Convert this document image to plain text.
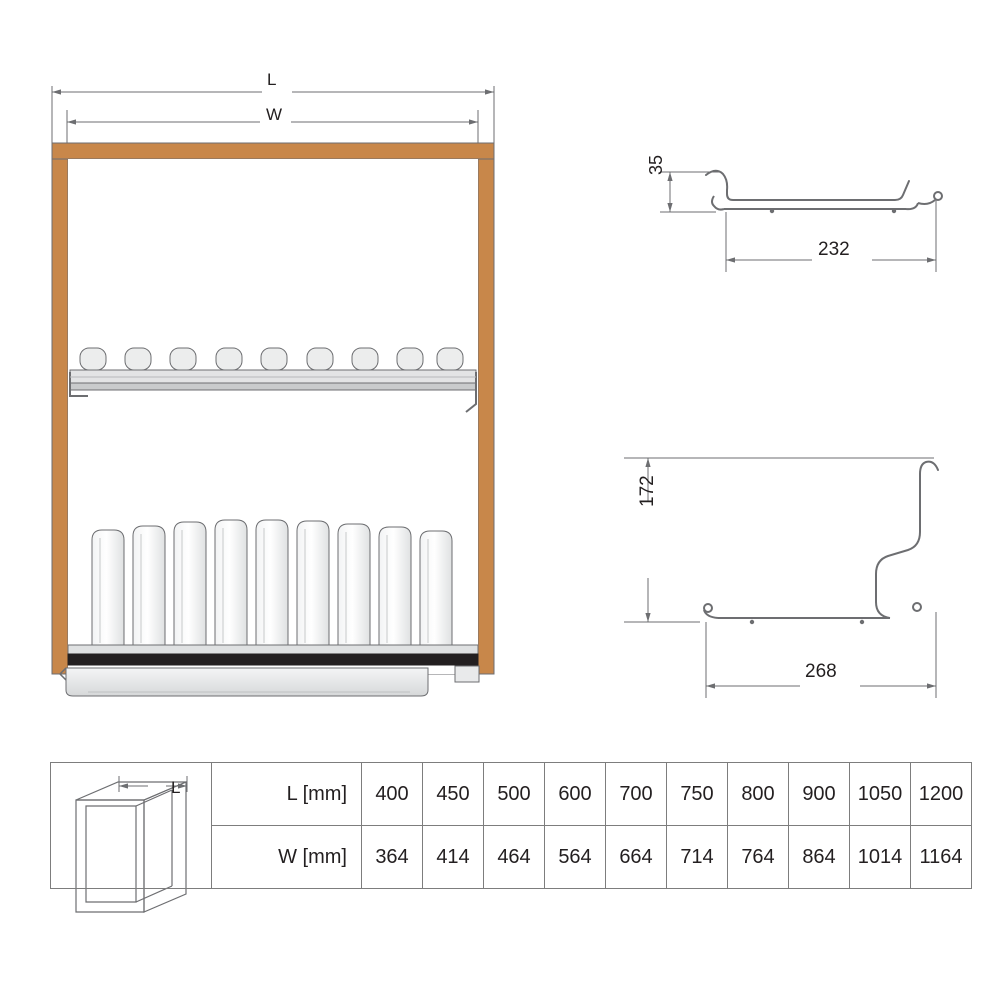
L
W
35
232
172
268
L
		L [mm]	400	450	500	600	700	750	800	900	1050	1200
	W [mm]	364	414	464	564	664	714	764	864	1014	1164
